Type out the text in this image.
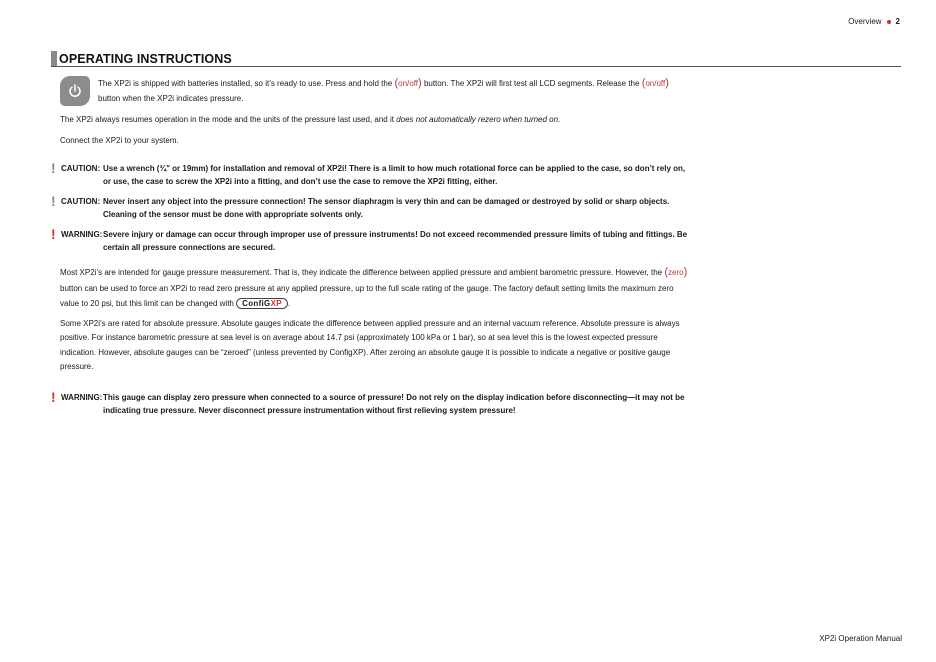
Overview 2
OPERATING INSTRUCTIONS

The XP2i is shipped with batteries installed, so it’s ready to use. Press and hold the (on/off) button. The XP2i will first test all LCD segments. Release the (on/off) button when the XP2i indicates pressure.

The XP2i always resumes operation in the mode and the units of the pressure last used, and it does not automatically rezero when turned on.

Connect the XP2i to your system.

! CAUTION: Use a wrench (¾" or 19mm) for installation and removal of XP2i! There is a limit to how much rotational force can be applied to the case, so don’t rely on, or use, the case to screw the XP2i into a fitting, and don’t use the case to remove the XP2i fitting, either.
! CAUTION: Never insert any object into the pressure connection! The sensor diaphragm is very thin and can be damaged or destroyed by solid or sharp objects. Cleaning of the sensor must be done with appropriate solvents only.
! WARNING: Severe injury or damage can occur through improper use of pressure instruments! Do not exceed recommended pressure limits of tubing and fittings. Be certain all pressure connections are secured.

Most XP2i’s are intended for gauge pressure measurement. That is, they indicate the difference between applied pressure and ambient barometric pressure. However, the (zero) button can be used to force an XP2i to read zero pressure at any applied pressure, up to the full scale rating of the gauge. The factory default setting limits the maximum zero value to 20 psi, but this limit can be changed with ConfiGXP .

Some XP2i’s are rated for absolute pressure. Absolute gauges indicate the difference between applied pressure and an internal vacuum reference. Absolute pressure is always positive. For instance barometric pressure at sea level is on average about 14.7 psi (approximately 100 kPa or 1 bar), so at sea level this is the lowest expected pressure indication. However, absolute gauges can be “zeroed” (unless prevented by ConfigXP). After zeroing an absolute gauge it is possible to indicate a negative or positive gauge pressure.

! WARNING: This gauge can display zero pressure when connected to a source of pressure! Do not rely on the display indication before disconnecting—it may not be indicating true pressure. Never disconnect pressure instrumentation without first relieving system pressure!
XP2i Operation Manual
